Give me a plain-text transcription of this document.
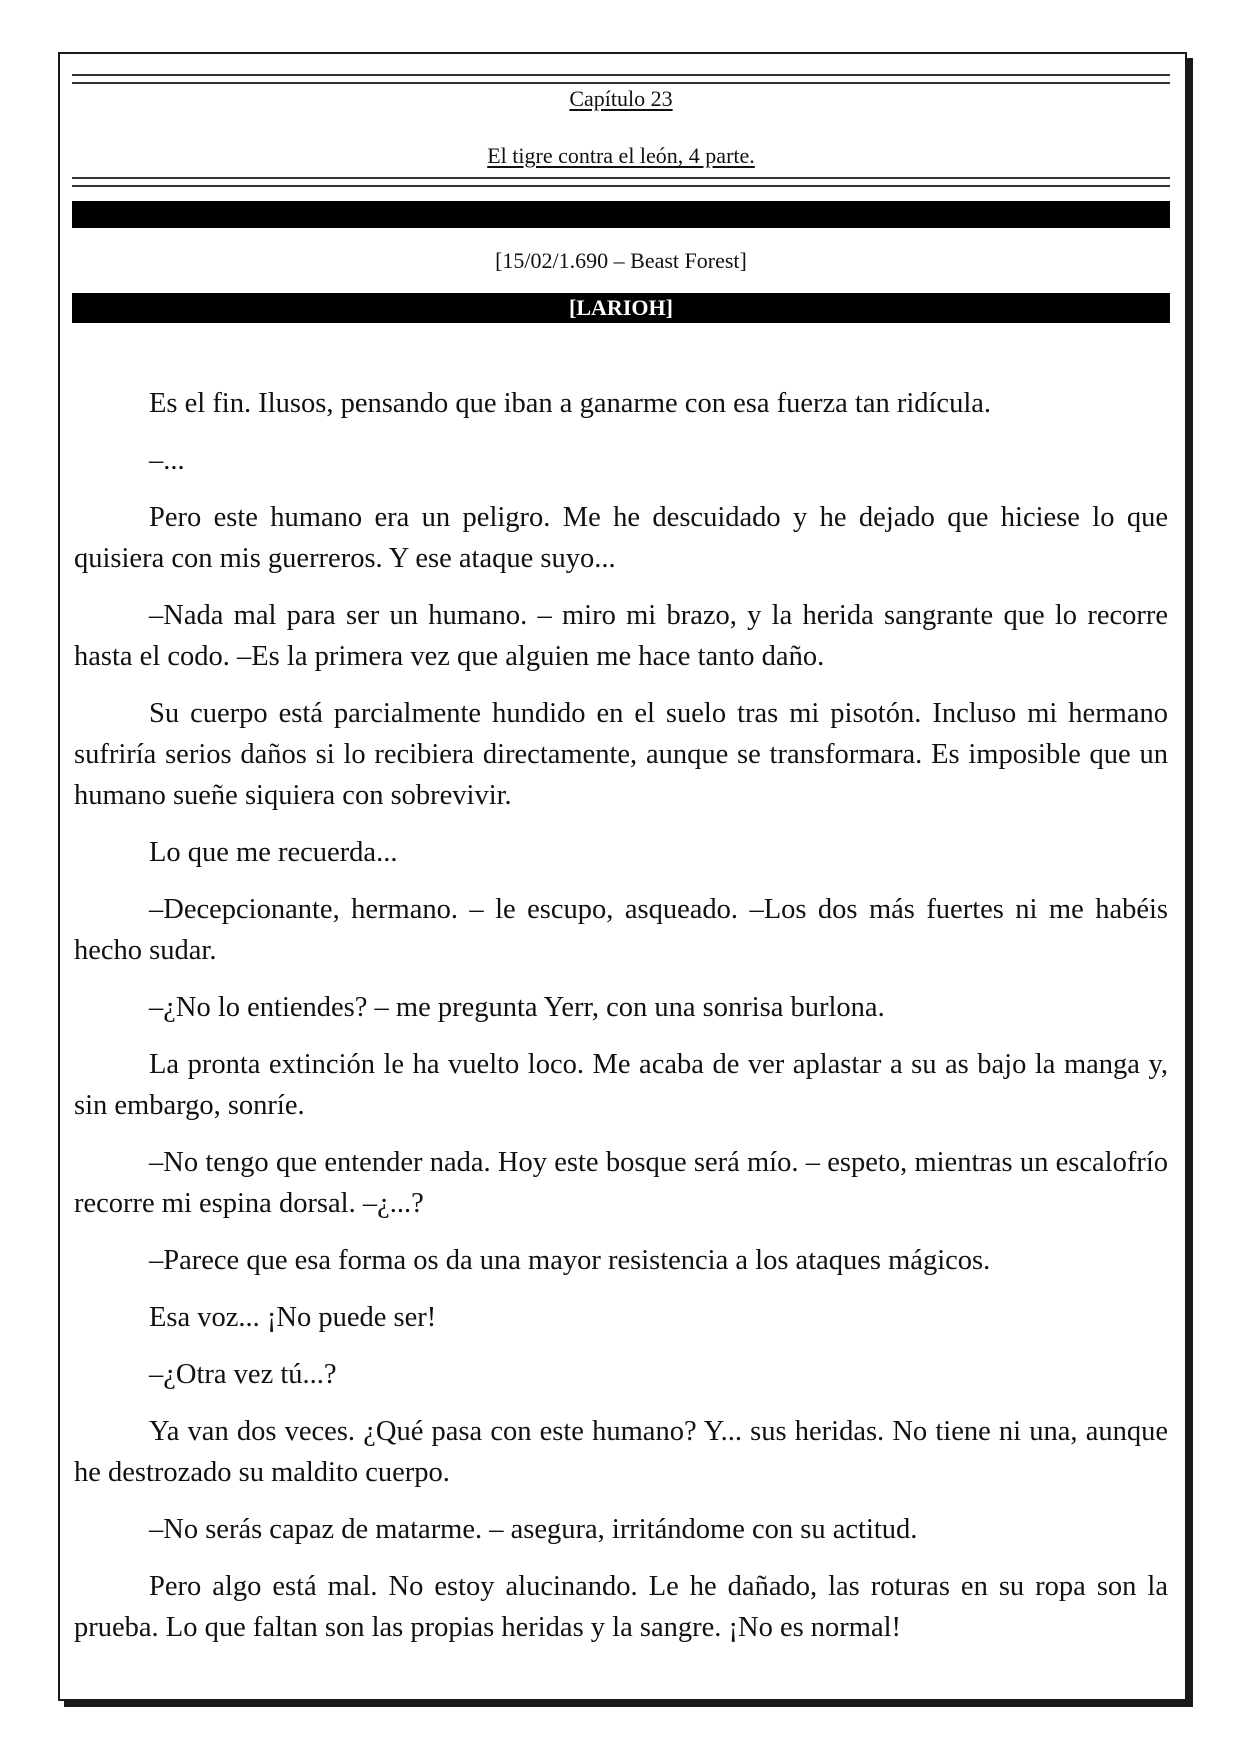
Capítulo 23
El tigre contra el león, 4 parte.
[15/02/1.690 – Beast Forest]
[LARIOH]

Es el fin. Ilusos, pensando que iban a ganarme con esa fuerza tan ridícula.

–...

Pero este humano era un peligro. Me he descuidado y he dejado que hiciese lo que quisiera con mis guerreros. Y ese ataque suyo...

–Nada mal para ser un humano. – miro mi brazo, y la herida sangrante que lo recorre hasta el codo. –Es la primera vez que alguien me hace tanto daño.

Su cuerpo está parcialmente hundido en el suelo tras mi pisotón. Incluso mi hermano sufriría serios daños si lo recibiera directamente, aunque se transformara. Es imposible que un humano sueñe siquiera con sobrevivir.

Lo que me recuerda...

–Decepcionante, hermano. – le escupo, asqueado. –Los dos más fuertes ni me habéis hecho sudar.

–¿No lo entiendes? – me pregunta Yerr, con una sonrisa burlona.

La pronta extinción le ha vuelto loco. Me acaba de ver aplastar a su as bajo la manga y, sin embargo, sonríe.

–No tengo que entender nada. Hoy este bosque será mío. – espeto, mientras un escalofrío recorre mi espina dorsal. –¿...?

–Parece que esa forma os da una mayor resistencia a los ataques mágicos.

Esa voz... ¡No puede ser!

–¿Otra vez tú...?

Ya van dos veces. ¿Qué pasa con este humano? Y... sus heridas. No tiene ni una, aunque he destrozado su maldito cuerpo.

–No serás capaz de matarme. – asegura, irritándome con su actitud.

Pero algo está mal. No estoy alucinando. Le he dañado, las roturas en su ropa son la prueba. Lo que faltan son las propias heridas y la sangre. ¡No es normal!
